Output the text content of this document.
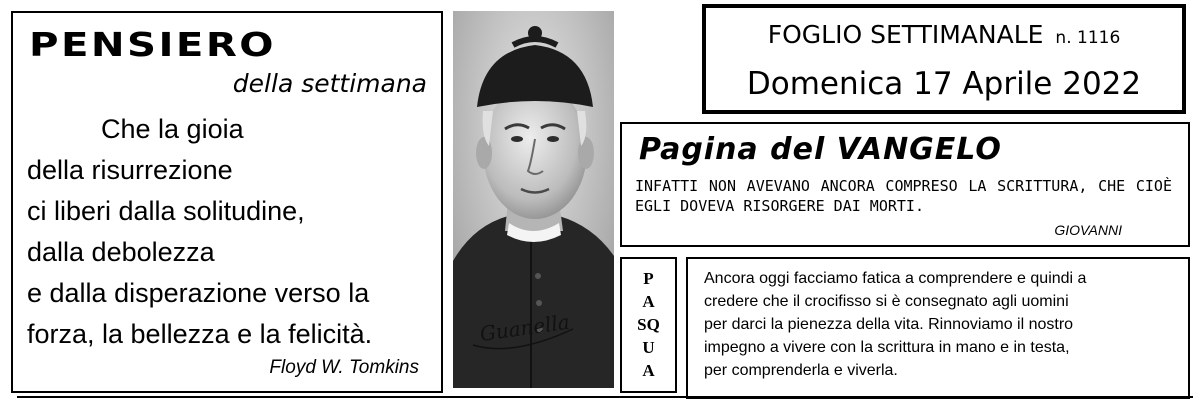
PENSIERO
della settimana
Che la gioia
della risurrezione
ci liberi dalla solitudine,
dalla debolezza
e dalla disperazione verso la
forza, la bellezza e la felicità.
Floyd W. Tomkins
Guanella
FOGLIO SETTIMANALE n. 1116
Domenica 17 Aprile 2022
Pagina del VANGELO
INFATTI NON AVEVANO ANCORA COMPRESO LA SCRITTURA, CHE CIOÈ EGLI DOVEVA RISORGERE DAI MORTI.
GIOVANNI
P
A
SQ
U
A
Ancora oggi facciamo fatica a comprendere e quindi a
credere che il crocifisso si è consegnato agli uomini
per darci la pienezza della vita. Rinnoviamo il nostro
impegno a vivere con la scrittura in mano e in testa,
per comprenderla e viverla.
